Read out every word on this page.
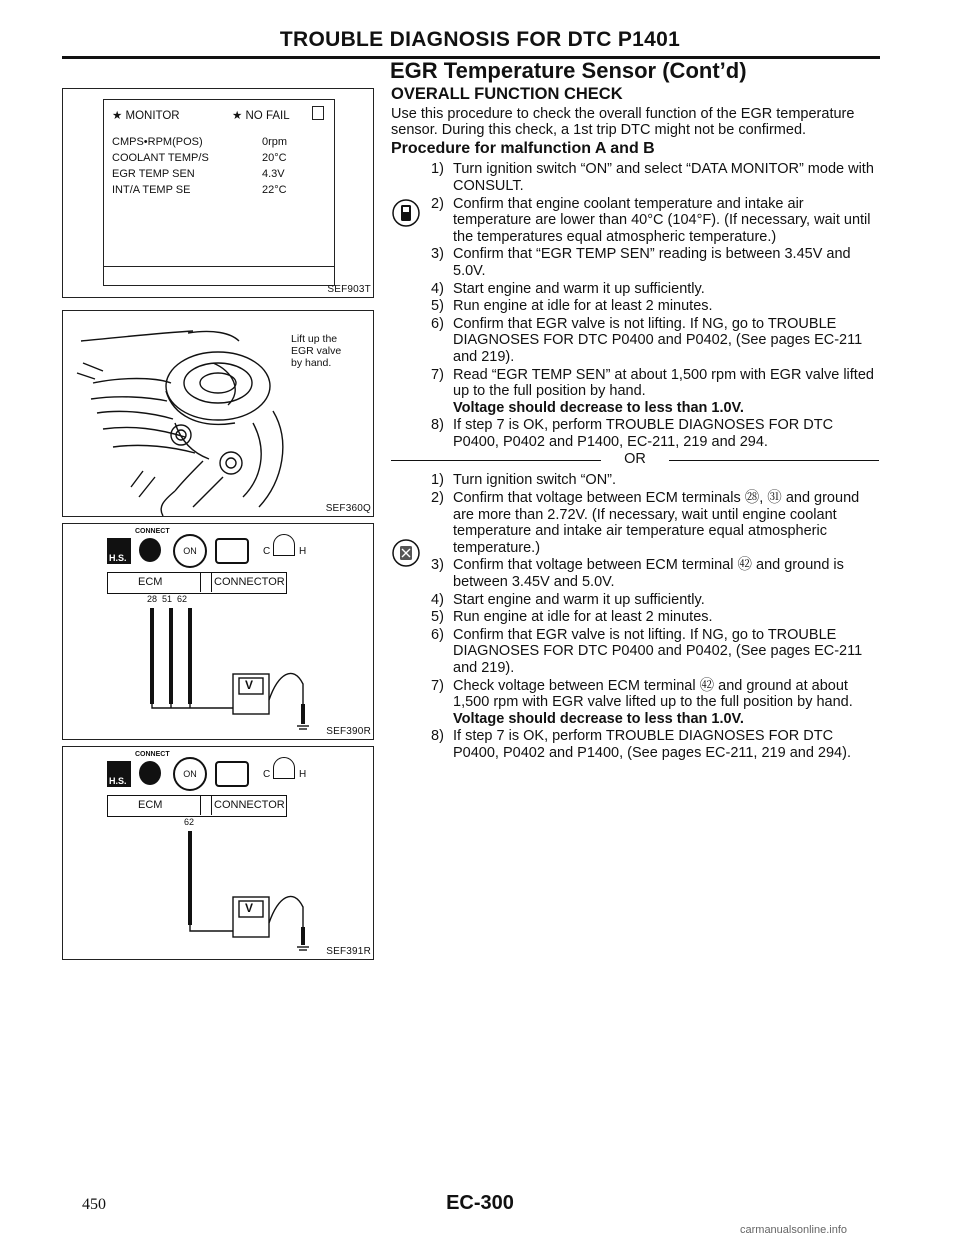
TROUBLE DIAGNOSIS FOR DTC P1401
EGR Temperature Sensor (Cont’d)
★ MONITOR	★ NO FAIL
CMPS•RPM(POS)	0rpm
COOLANT TEMP/S	20°C
EGR TEMP SEN	4.3V
INT/A TEMP SE	22°C
SEF903T
Lift up the
EGR valve
by hand.
SEF360Q
H.S.
CONNECT
ON	C	H
ECM	CONNECTOR
28  51  62
V
SEF390R
H.S.
CONNECT
ON	C	H
ECM	CONNECTOR
62
V
SEF391R
OVERALL FUNCTION CHECK
Use this procedure to check the overall function of the EGR temperature sensor. During this check, a 1st trip DTC might not be confirmed.
Procedure for malfunction A and B
1) Turn ignition switch “ON” and select “DATA MONITOR” mode with CONSULT.
2) Confirm that engine coolant temperature and intake air temperature are lower than 40°C (104°F). (If necessary, wait until the temperatures equal atmospheric temperature.)
3) Confirm that “EGR TEMP SEN” reading is between 3.45V and 5.0V.
4) Start engine and warm it up sufficiently.
5) Run engine at idle for at least 2 minutes.
6) Confirm that EGR valve is not lifting. If NG, go to TROUBLE DIAGNOSES FOR DTC P0400 and P0402, (See pages EC-211 and 219).
7) Read “EGR TEMP SEN” at about 1,500 rpm with EGR valve lifted up to the full position by hand.
Voltage should decrease to less than 1.0V.
8) If step 7 is OK, perform TROUBLE DIAGNOSES FOR DTC P0400, P0402 and P1400, EC-211, 219 and 294.
OR
1) Turn ignition switch “ON”.
2) Confirm that voltage between ECM terminals ㉘, ㉛ and ground are more than 2.72V. (If necessary, wait until engine coolant temperature and intake air temperature equal atmospheric temperature.)
3) Confirm that voltage between ECM terminal ㊷ and ground is between 3.45V and 5.0V.
4) Start engine and warm it up sufficiently.
5) Run engine at idle for at least 2 minutes.
6) Confirm that EGR valve is not lifting. If NG, go to TROUBLE DIAGNOSES FOR DTC P0400 and P0402, (See pages EC-211 and 219).
7) Check voltage between ECM terminal ㊷ and ground at about 1,500 rpm with EGR valve lifted up to the full position by hand.
Voltage should decrease to less than 1.0V.
8) If step 7 is OK, perform TROUBLE DIAGNOSES FOR DTC P0400, P0402 and P1400, (See pages EC-211, 219 and 294).
450	EC-300
carmanualsonline.info
